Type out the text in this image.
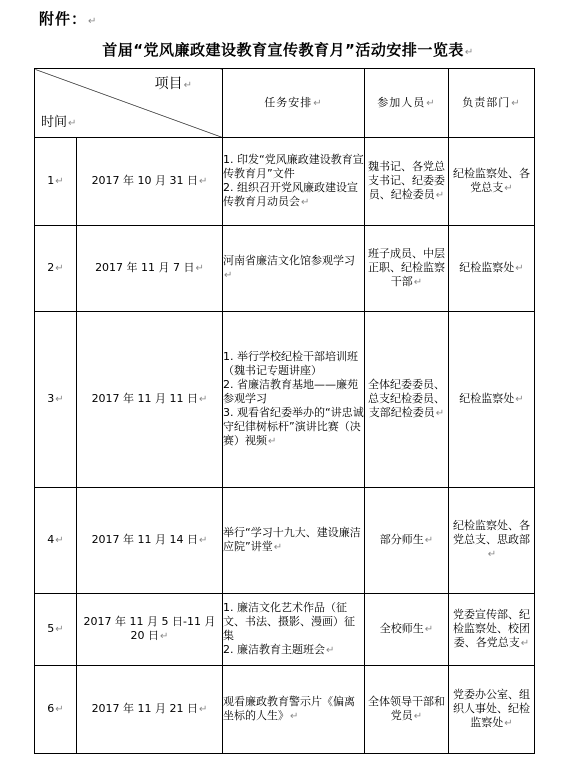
附件：↵
首届“党风廉政建设教育宣传教育月”活动安排一览表↵
项目↵
时间↵		任务安排↵	参加人员↵	负责部门↵
1↵	2017 年 10 月 31 日↵	1. 印发“党风廉政建设教育宣传教育月”文件
2. 组织召开党风廉政建设宣传教育月动员会↵	魏书记、各党总支书记、纪委委员、纪检委员↵	纪检监察处、各党总支↵
2↵	2017 年 11 月 7 日↵	河南省廉洁文化馆参观学习↵	班子成员、中层正职、纪检监察干部↵	纪检监察处↵
3↵	2017 年 11 月 11 日↵	1. 举行学校纪检干部培训班（魏书记专题讲座）
2. 省廉洁教育基地——廉苑参观学习
3. 观看省纪委举办的“讲忠诚守纪律树标杆”演讲比赛（决赛）视频↵	全体纪委委员、总支纪检委员、支部纪检委员↵	纪检监察处↵
4↵	2017 年 11 月 14 日↵	举行“学习十九大、建设廉洁应院”讲堂↵	部分师生↵	纪检监察处、各党总支、思政部↵
5↵	2017 年 11 月 5 日-11 月 20 日↵	1. 廉洁文化艺术作品（征文、书法、摄影、漫画）征集
2. 廉洁教育主题班会↵	全校师生↵	党委宣传部、纪检监察处、校团委、各党总支↵
6↵	2017 年 11 月 21 日↵	观看廉政教育警示片《偏离坐标的人生》↵	全体领导干部和党员↵	党委办公室、组织人事处、纪检监察处↵
